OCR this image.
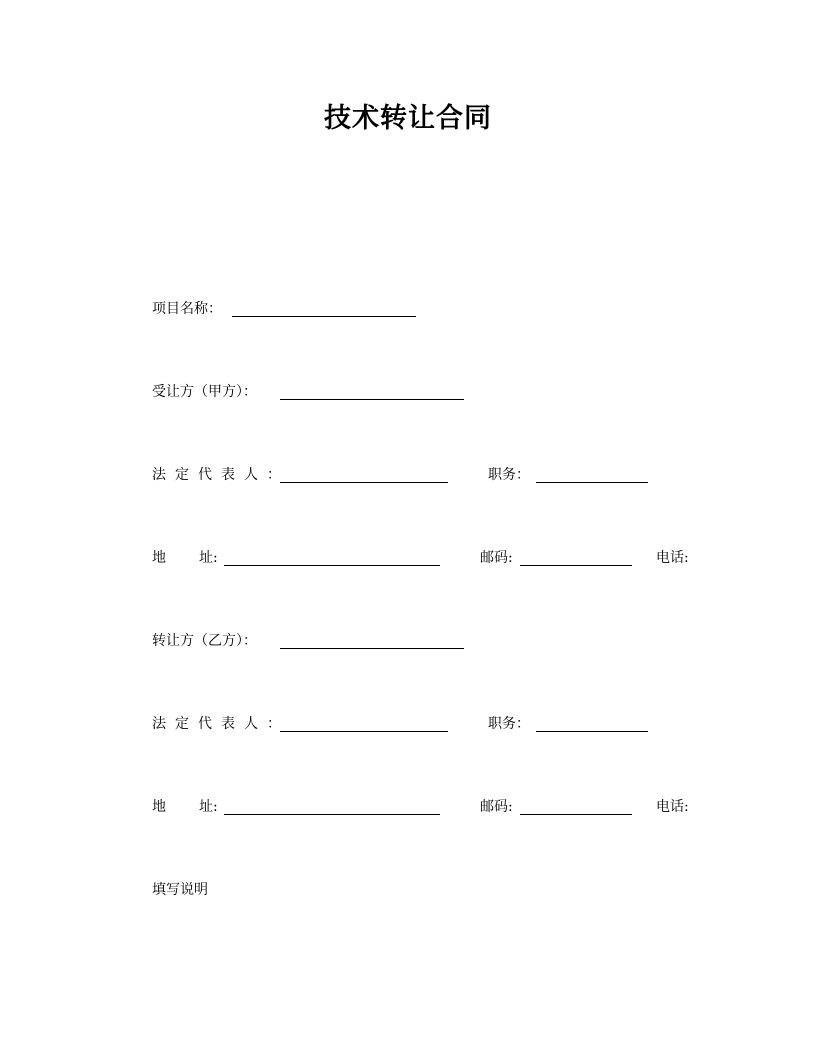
技术转让合同
项目名称：
受让方（甲方）：
法定代表人：	职务：
地 址:	邮码:	电话:
转让方（乙方）：
法定代表人：	职务：
地 址:	邮码:	电话:
填写说明
